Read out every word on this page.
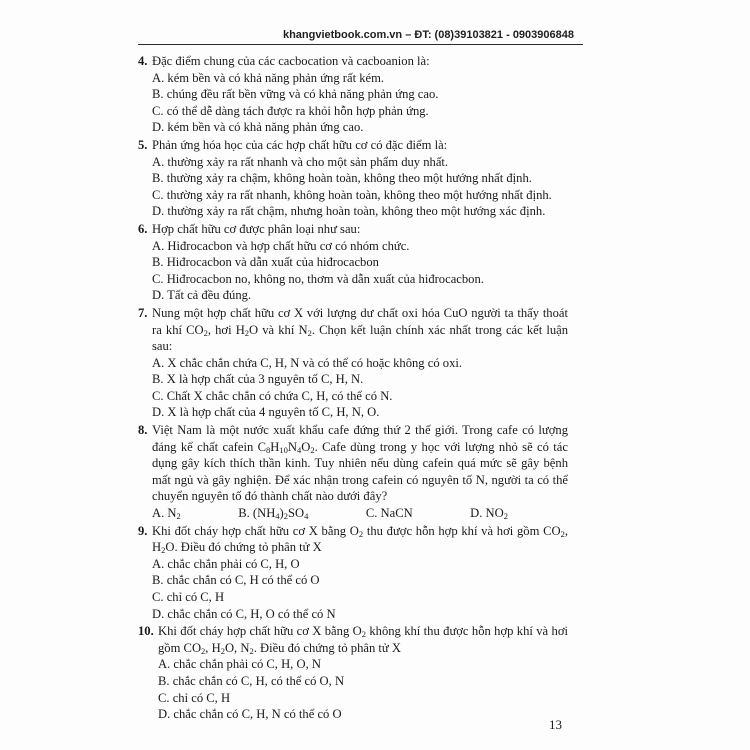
khangvietbook.com.vn – ĐT: (08)39103821 - 0903906848
4. Đặc điểm chung của các cacbocation và cacboanion là:
A. kém bền và có khả năng phản ứng rất kém.
B. chúng đều rất bền vững và có khả năng phản ứng cao.
C. có thể dễ dàng tách được ra khỏi hỗn hợp phản ứng.
D. kém bền và có khả năng phản ứng cao.
5. Phản ứng hóa học của các hợp chất hữu cơ có đặc điểm là:
A. thường xảy ra rất nhanh và cho một sản phẩm duy nhất.
B. thường xảy ra chậm, không hoàn toàn, không theo một hướng nhất định.
C. thường xảy ra rất nhanh, không hoàn toàn, không theo một hướng nhất định.
D. thường xảy ra rất chậm, nhưng hoàn toàn, không theo một hướng xác định.
6. Hợp chất hữu cơ được phân loại như sau:
A. Hiđrocacbon và hợp chất hữu cơ có nhóm chức.
B. Hiđrocacbon và dẫn xuất của hiđrocacbon
C. Hiđrocacbon no, không no, thơm và dẫn xuất của hiđrocacbon.
D. Tất cả đều đúng.
7. Nung một hợp chất hữu cơ X với lượng dư chất oxi hóa CuO người ta thấy thoát ra khí $CO_2$, hơi $H_2O$ và khí $N_2$. Chọn kết luận chính xác nhất trong các kết luận sau:
A. X chắc chắn chứa C, H, N và có thể có hoặc không có oxi.
B. X là hợp chất của 3 nguyên tố C, H, N.
C. Chất X chắc chắn có chứa C, H, có thể có N.
D. X là hợp chất của 4 nguyên tố C, H, N, O.
8. Việt Nam là một nước xuất khẩu cafe đứng thứ 2 thế giới. Trong cafe có lượng đáng kể chất cafein $C_8H_{10}N_4O_2$. Cafe dùng trong y học với lượng nhỏ sẽ có tác dụng gây kích thích thần kinh. Tuy nhiên nếu dùng cafein quá mức sẽ gây bệnh mất ngủ và gây nghiện. Để xác nhận trong cafein có nguyên tố N, người ta có thể chuyển nguyên tố đó thành chất nào dưới đây?
A. $N_2$	B. $(NH_4)_2SO_4$	C. NaCN	D. $NO_2$
9. Khi đốt cháy hợp chất hữu cơ X bằng $O_2$ thu được hỗn hợp khí và hơi gồm $CO_2$, $H_2O$. Điều đó chứng tỏ phân tử X
A. chắc chắn phải có C, H, O
B. chắc chắn có C, H có thể có O
C. chỉ có C, H
D. chắc chắn có C, H, O có thể có N
10. Khi đốt cháy hợp chất hữu cơ X bằng $O_2$ không khí thu được hỗn hợp khí và hơi gồm $CO_2$, $H_2O$, $N_2$. Điều đó chứng tỏ phân tử X
A. chắc chắn phải có C, H, O, N
B. chắc chắn có C, H, có thể có O, N
C. chỉ có C, H
D. chắc chắn có C, H, N có thể có O
13
